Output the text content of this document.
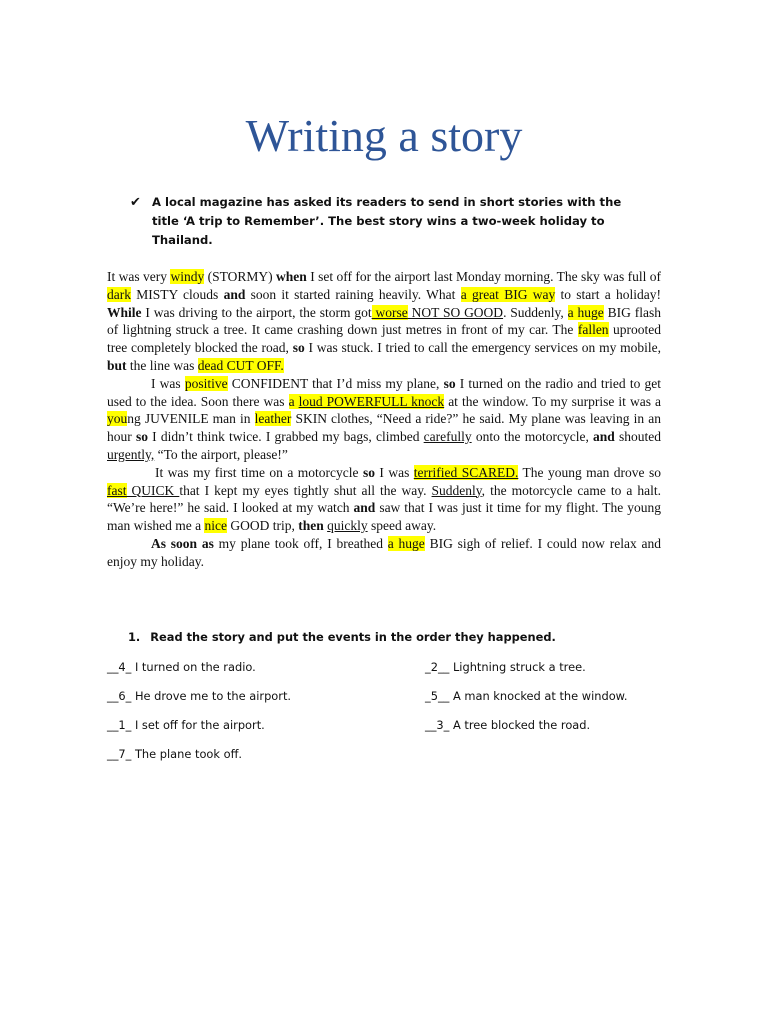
Writing a story
✔ A local magazine has asked its readers to send in short stories with the title ‘A trip to Remember’. The best story wins a two-week holiday to Thailand.

It was very windy (STORMY) when I set off for the airport last Monday morning. The sky was full of dark MISTY clouds and soon it started raining heavily. What a great BIG way to start a holiday! While I was driving to the airport, the storm got worse NOT SO GOOD. Suddenly, a huge BIG flash of lightning struck a tree. It came crashing down just metres in front of my car. The fallen uprooted tree completely blocked the road, so I was stuck. I tried to call the emergency services on my mobile, but the line was dead CUT OFF.

I was positive CONFIDENT that I’d miss my plane, so I turned on the radio and tried to get used to the idea. Soon there was a loud POWERFULL knock at the window. To my surprise it was a young JUVENILE man in leather SKIN clothes, “Need a ride?” he said. My plane was leaving in an hour so I didn’t think twice. I grabbed my bags, climbed carefully onto the motorcycle, and shouted urgently, “To the airport, please!”

It was my first time on a motorcycle so I was terrified SCARED. The young man drove so fast QUICK that I kept my eyes tightly shut all the way. Suddenly, the motorcycle came to a halt. “We’re here!” he said. I looked at my watch and saw that I was just it time for my flight. The young man wished me a nice GOOD trip, then quickly speed away.

As soon as my plane took off, I breathed a huge BIG sigh of relief. I could now relax and enjoy my holiday.

1. Read the story and put the events in the order they happened.
__4_ I turned on the radio.	_2__ Lightning struck a tree.
__6_ He drove me to the airport.	_5__ A man knocked at the window.
__1_ I set off for the airport.	__3_ A tree blocked the road.
__7_ The plane took off.
